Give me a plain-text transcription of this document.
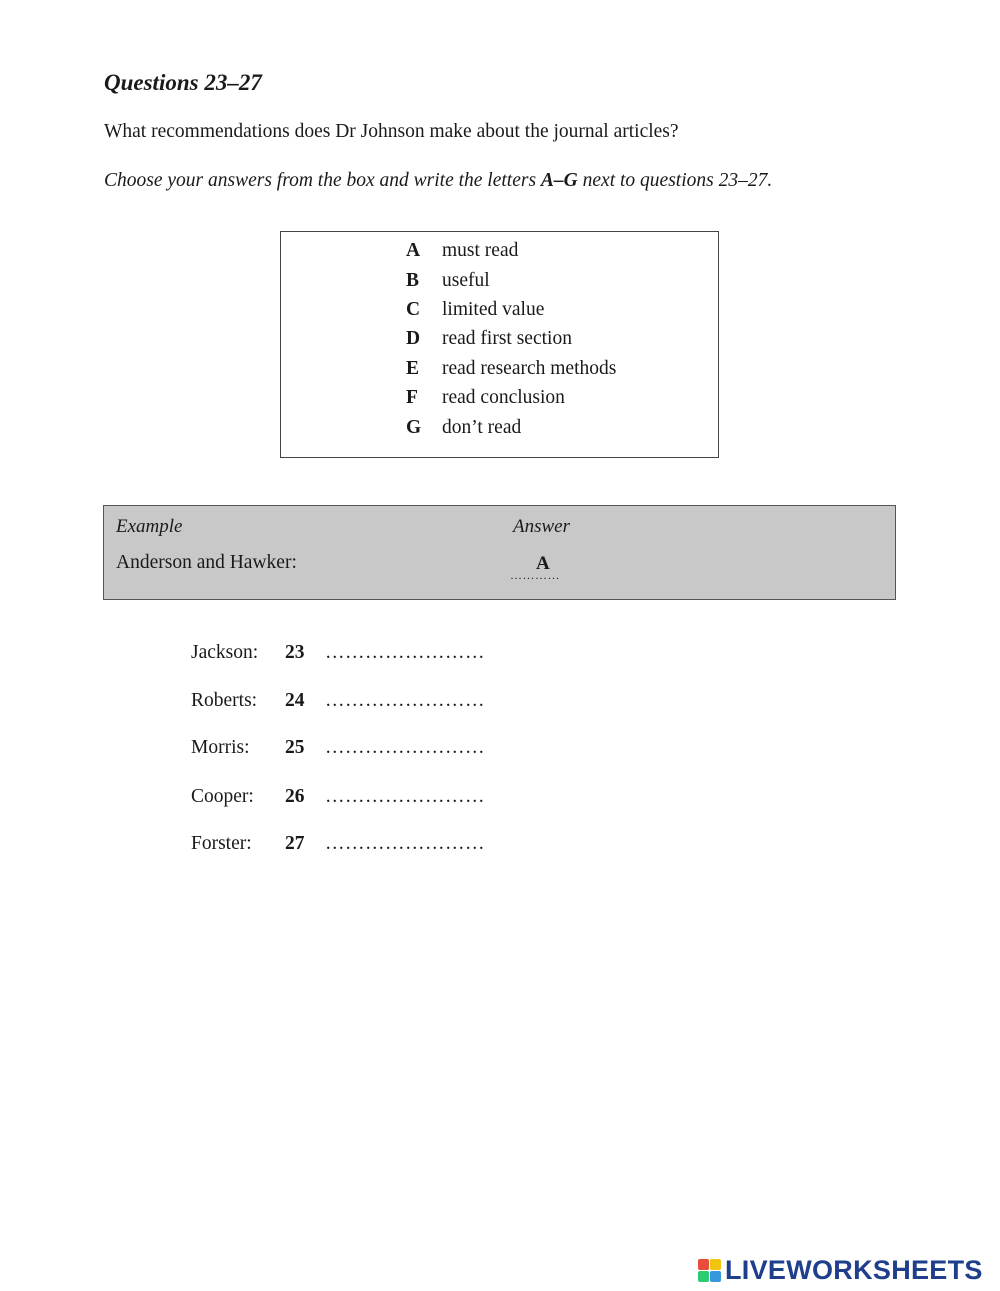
Questions 23–27

What recommendations does Dr Johnson make about the journal articles?

Choose your answers from the box and write the letters A–G next to questions 23–27.

A must read
B useful
C limited value
D read first section
E read research methods
F read conclusion
G don’t read
Example	Answer
Anderson and Hawker:	A
…………
Jackson: 23 ……………………
Roberts: 24 ……………………
Morris: 25 ……………………
Cooper: 26 ……………………
Forster: 27 ……………………
LIVEWORKSHEETS
